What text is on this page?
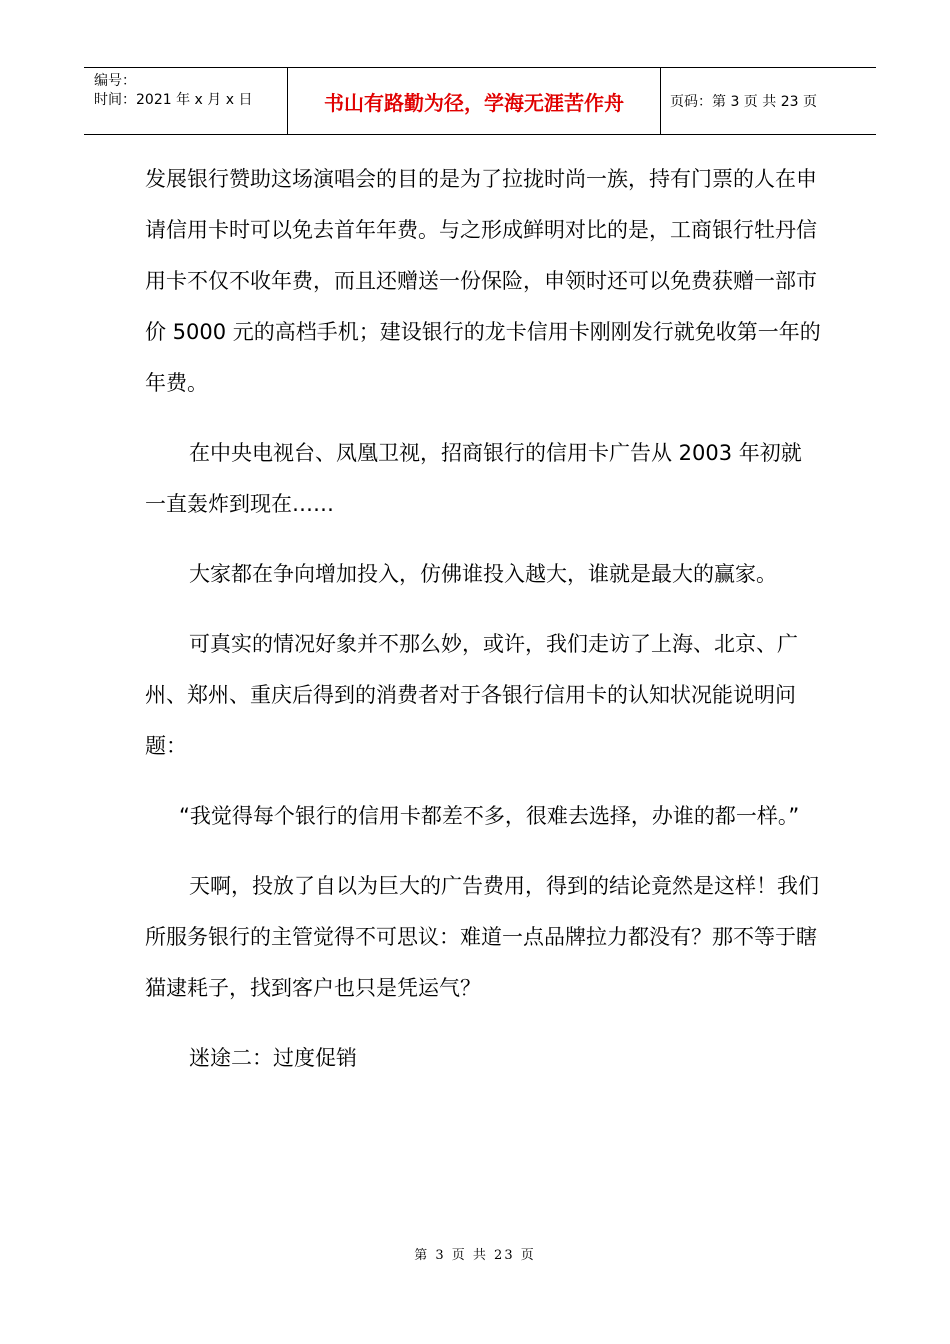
编号：
时间：2021 年 x 月 x 日	书山有路勤为径，学海无涯苦作舟	页码：第 3 页 共 23 页

发展银行赞助这场演唱会的目的是为了拉拢时尚一族，持有门票的人在申请信用卡时可以免去首年年费。与之形成鲜明对比的是，工商银行牡丹信用卡不仅不收年费，而且还赠送一份保险，申领时还可以免费获赠一部市价 5000 元的高档手机；建设银行的龙卡信用卡刚刚发行就免收第一年的年费。

在中央电视台、凤凰卫视，招商银行的信用卡广告从 2003 年初就一直轰炸到现在……

大家都在争向增加投入，仿佛谁投入越大，谁就是最大的赢家。

可真实的情况好象并不那么妙，或许，我们走访了上海、北京、广州、郑州、重庆后得到的消费者对于各银行信用卡的认知状况能说明问题：

“我觉得每个银行的信用卡都差不多，很难去选择，办谁的都一样。”

天啊，投放了自以为巨大的广告费用，得到的结论竟然是这样！我们所服务银行的主管觉得不可思议：难道一点品牌拉力都没有？那不等于瞎猫逮耗子，找到客户也只是凭运气？

迷途二：过度促销

第 3 页 共 23 页
